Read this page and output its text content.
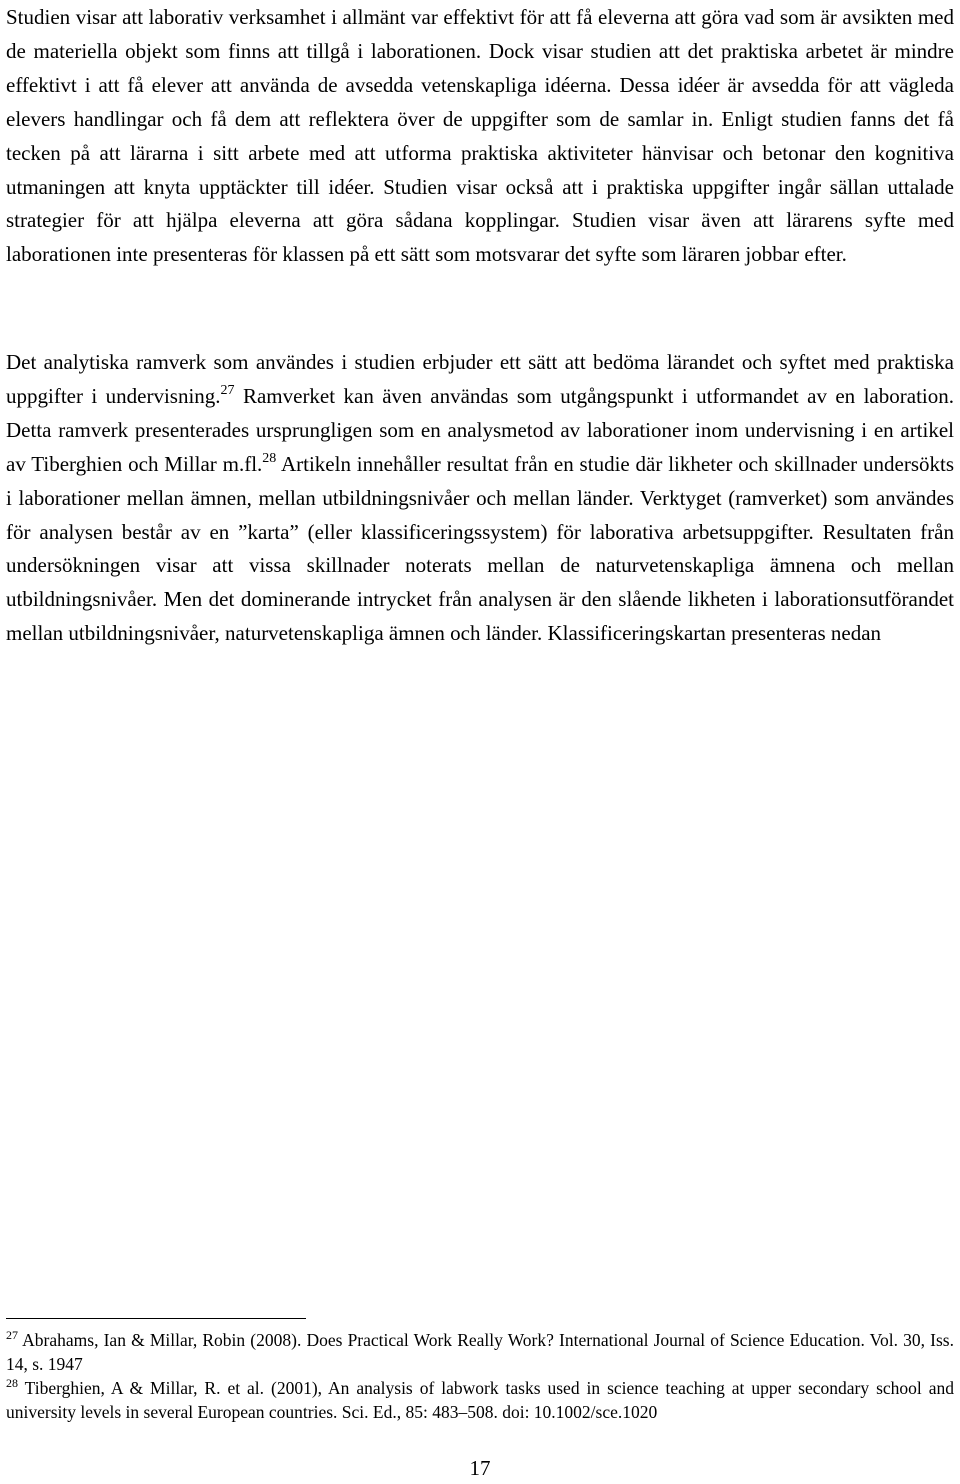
Studien visar att laborativ verksamhet i allmänt var effektivt för att få eleverna att göra vad som är avsikten med de materiella objekt som finns att tillgå i laborationen. Dock visar studien att det praktiska arbetet är mindre effektivt i att få elever att använda de avsedda vetenskapliga idéerna. Dessa idéer är avsedda för att vägleda elevers handlingar och få dem att reflektera över de uppgifter som de samlar in. Enligt studien fanns det få tecken på att lärarna i sitt arbete med att utforma praktiska aktiviteter hänvisar och betonar den kognitiva utmaningen att knyta upptäckter till idéer. Studien visar också att i praktiska uppgifter ingår sällan uttalade strategier för att hjälpa eleverna att göra sådana kopplingar. Studien visar även att lärarens syfte med laborationen inte presenteras för klassen på ett sätt som motsvarar det syfte som läraren jobbar efter.

Det analytiska ramverk som användes i studien erbjuder ett sätt att bedöma lärandet och syftet med praktiska uppgifter i undervisning.$^{27}$ Ramverket kan även användas som utgångspunkt i utformandet av en laboration. Detta ramverk presenterades ursprungligen som en analysmetod av laborationer inom undervisning i en artikel av Tiberghien och Millar m.fl.$^{28}$ Artikeln innehåller resultat från en studie där likheter och skillnader undersökts i laborationer mellan ämnen, mellan utbildningsnivåer och mellan länder. Verktyget (ramverket) som användes för analysen består av en ”karta” (eller klassificeringssystem) för laborativa arbetsuppgifter. Resultaten från undersökningen visar att vissa skillnader noterats mellan de naturvetenskapliga ämnena och mellan utbildningsnivåer. Men det dominerande intrycket från analysen är den slående likheten i laborationsutförandet mellan utbildningsnivåer, naturvetenskapliga ämnen och länder. Klassificeringskartan presenteras nedan

$^{27}$ Abrahams, Ian & Millar, Robin (2008). Does Practical Work Really Work? International Journal of Science Education. Vol. 30, Iss. 14, s. 1947

$^{28}$ Tiberghien, A & Millar, R. et al. (2001), An analysis of labwork tasks used in science teaching at upper secondary school and university levels in several European countries. Sci. Ed., 85: 483–508. doi: 10.1002/sce.1020

17
